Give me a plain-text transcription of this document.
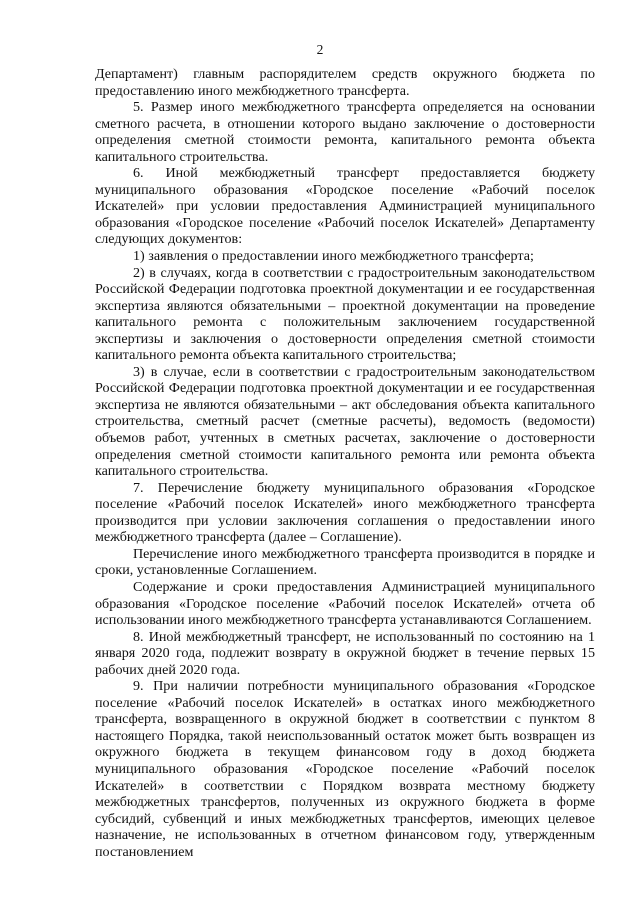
2

Департамент) главным распорядителем средств окружного бюджета по предоставлению иного межбюджетного трансферта.

5. Размер иного межбюджетного трансферта определяется на основании сметного расчета, в отношении которого выдано заключение о достоверности определения сметной стоимости ремонта, капитального ремонта объекта капитального строительства.

6. Иной межбюджетный трансферт предоставляется бюджету муниципального образования «Городское поселение «Рабочий поселок Искателей» при условии предоставления Администрацией муниципального образования «Городское поселение «Рабочий поселок Искателей» Департаменту следующих документов:

1) заявления о предоставлении иного межбюджетного трансферта;

2) в случаях, когда в соответствии с градостроительным законодательством Российской Федерации подготовка проектной документации и ее государственная экспертиза являются обязательными – проектной документации на проведение капитального ремонта с положительным заключением государственной экспертизы и заключения о достоверности определения сметной стоимости капитального ремонта объекта капитального строительства;

3) в случае, если в соответствии с градостроительным законодательством Российской Федерации подготовка проектной документации и ее государственная экспертиза не являются обязательными – акт обследования объекта капитального строительства, сметный расчет (сметные расчеты), ведомость (ведомости) объемов работ, учтенных в сметных расчетах, заключение о достоверности определения сметной стоимости капитального ремонта или ремонта объекта капитального строительства.

7. Перечисление бюджету муниципального образования «Городское поселение «Рабочий поселок Искателей» иного межбюджетного трансферта производится при условии заключения соглашения о предоставлении иного межбюджетного трансферта (далее – Соглашение).

Перечисление иного межбюджетного трансферта производится в порядке и сроки, установленные Соглашением.

Содержание и сроки предоставления Администрацией муниципального образования «Городское поселение «Рабочий поселок Искателей» отчета об использовании иного межбюджетного трансферта устанавливаются Соглашением.

8. Иной межбюджетный трансферт, не использованный по состоянию на 1 января 2020 года, подлежит возврату в окружной бюджет в течение первых 15 рабочих дней 2020 года.

9. При наличии потребности муниципального образования «Городское поселение «Рабочий поселок Искателей» в остатках иного межбюджетного трансферта, возвращенного в окружной бюджет в соответствии с пунктом 8 настоящего Порядка, такой неиспользованный остаток может быть возвращен из окружного бюджета в текущем финансовом году в доход бюджета муниципального образования «Городское поселение «Рабочий поселок Искателей» в соответствии с Порядком возврата местному бюджету межбюджетных трансфертов, полученных из окружного бюджета в форме субсидий, субвенций и иных межбюджетных трансфертов, имеющих целевое назначение, не использованных в отчетном финансовом году, утвержденным постановлением
